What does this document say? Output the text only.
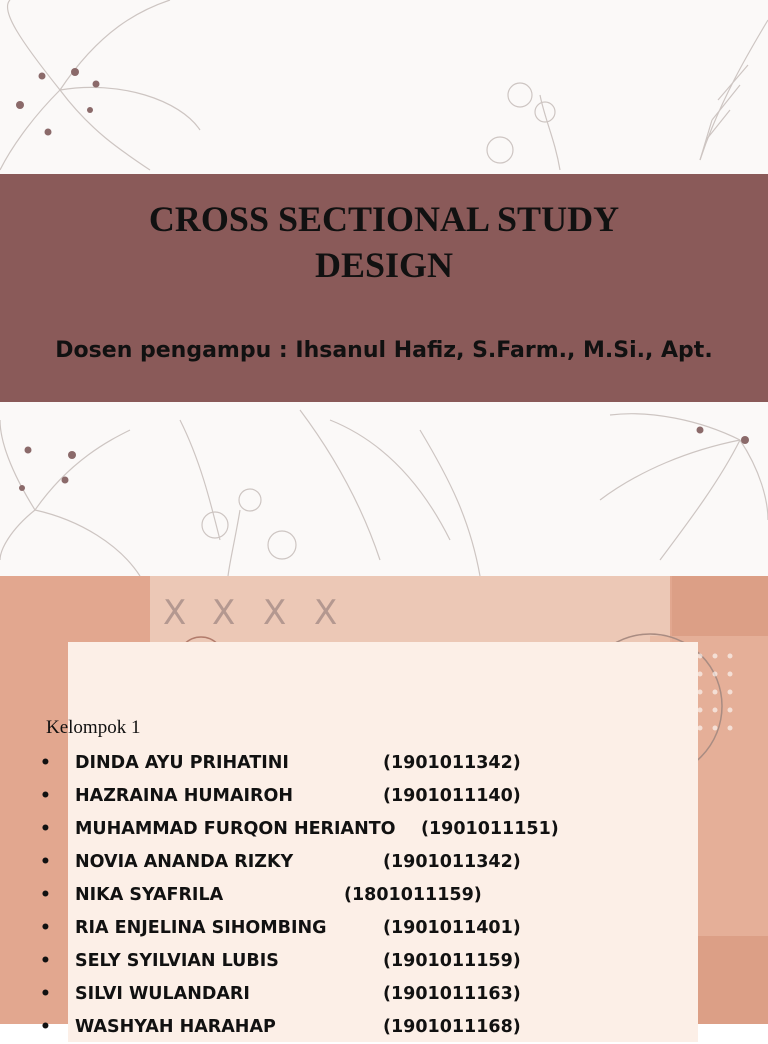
CROSS SECTIONAL STUDY
DESIGN

Dosen pengampu : Ihsanul Hafiz, S.Farm., M.Si., Apt.

X X X X
Kelompok 1
• DINDA AYU PRIHATINI	(1901011342)
• HAZRAINA HUMAIROH	(1901011140)
• MUHAMMAD FURQON HERIANTO (1901011151)
• NOVIA ANANDA RIZKY	(1901011342)
• NIKA SYAFRILA	(1801011159)
• RIA ENJELINA SIHOMBING	(1901011401)
• SELY SYILVIAN LUBIS	(1901011159)
• SILVI WULANDARI	(1901011163)
• WASHYAH HARAHAP	(1901011168)
